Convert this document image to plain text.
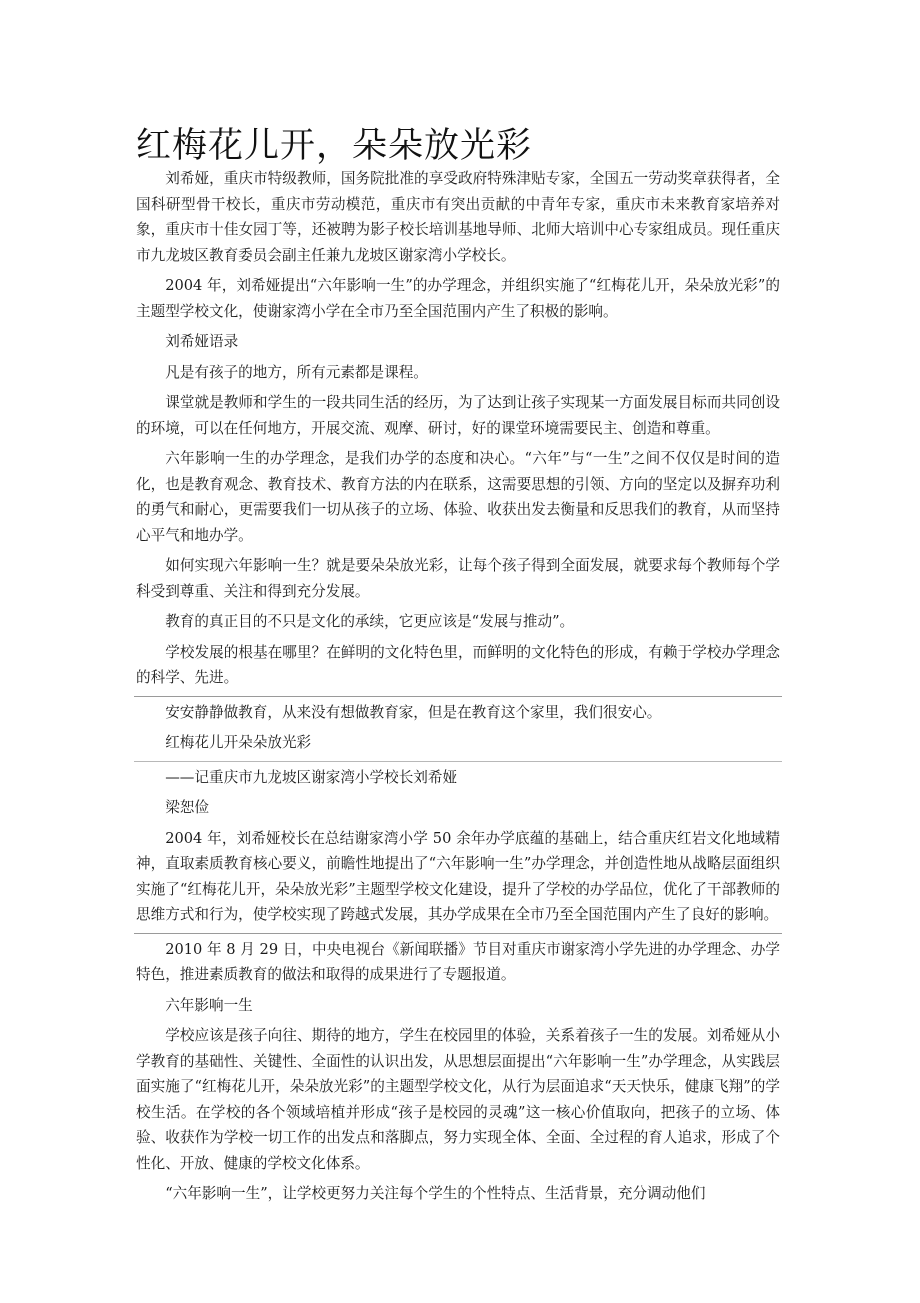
红梅花儿开，朵朵放光彩

刘希娅，重庆市特级教师，国务院批准的享受政府特殊津贴专家，全国五一劳动奖章获得者，全国科研型骨干校长，重庆市劳动模范，重庆市有突出贡献的中青年专家，重庆市未来教育家培养对象，重庆市十佳女园丁等，还被聘为影子校长培训基地导师、北师大培训中心专家组成员。现任重庆市九龙坡区教育委员会副主任兼九龙坡区谢家湾小学校长。

2004 年，刘希娅提出“六年影响一生”的办学理念，并组织实施了“红梅花儿开，朵朵放光彩”的主题型学校文化，使谢家湾小学在全市乃至全国范围内产生了积极的影响。

刘希娅语录

凡是有孩子的地方，所有元素都是课程。

课堂就是教师和学生的一段共同生活的经历，为了达到让孩子实现某一方面发展目标而共同创设的环境，可以在任何地方，开展交流、观摩、研讨，好的课堂环境需要民主、创造和尊重。

六年影响一生的办学理念，是我们办学的态度和决心。“六年”与“一生”之间不仅仅是时间的造化，也是教育观念、教育技术、教育方法的内在联系，这需要思想的引领、方向的坚定以及摒弃功利的勇气和耐心，更需要我们一切从孩子的立场、体验、收获出发去衡量和反思我们的教育，从而坚持心平气和地办学。

如何实现六年影响一生？就是要朵朵放光彩，让每个孩子得到全面发展，就要求每个教师每个学科受到尊重、关注和得到充分发展。

教育的真正目的不只是文化的承续，它更应该是“发展与推动”。

学校发展的根基在哪里？在鲜明的文化特色里，而鲜明的文化特色的形成，有赖于学校办学理念的科学、先进。

安安静静做教育，从来没有想做教育家，但是在教育这个家里，我们很安心。

红梅花儿开朵朵放光彩

——记重庆市九龙坡区谢家湾小学校长刘希娅

梁恕俭

2004 年，刘希娅校长在总结谢家湾小学 50 余年办学底蕴的基础上，结合重庆红岩文化地域精神，直取素质教育核心要义，前瞻性地提出了“六年影响一生”办学理念，并创造性地从战略层面组织实施了“红梅花儿开，朵朵放光彩”主题型学校文化建设，提升了学校的办学品位，优化了干部教师的思维方式和行为，使学校实现了跨越式发展，其办学成果在全市乃至全国范围内产生了良好的影响。

2010 年 8 月 29 日，中央电视台《新闻联播》节目对重庆市谢家湾小学先进的办学理念、办学特色，推进素质教育的做法和取得的成果进行了专题报道。

六年影响一生

学校应该是孩子向往、期待的地方，学生在校园里的体验，关系着孩子一生的发展。刘希娅从小学教育的基础性、关键性、全面性的认识出发，从思想层面提出“六年影响一生”办学理念，从实践层面实施了“红梅花儿开，朵朵放光彩”的主题型学校文化，从行为层面追求“天天快乐，健康飞翔”的学校生活。在学校的各个领域培植并形成“孩子是校园的灵魂”这一核心价值取向，把孩子的立场、体验、收获作为学校一切工作的出发点和落脚点，努力实现全体、全面、全过程的育人追求，形成了个性化、开放、健康的学校文化体系。

“六年影响一生”，让学校更努力关注每个学生的个性特点、生活背景，充分调动他们
